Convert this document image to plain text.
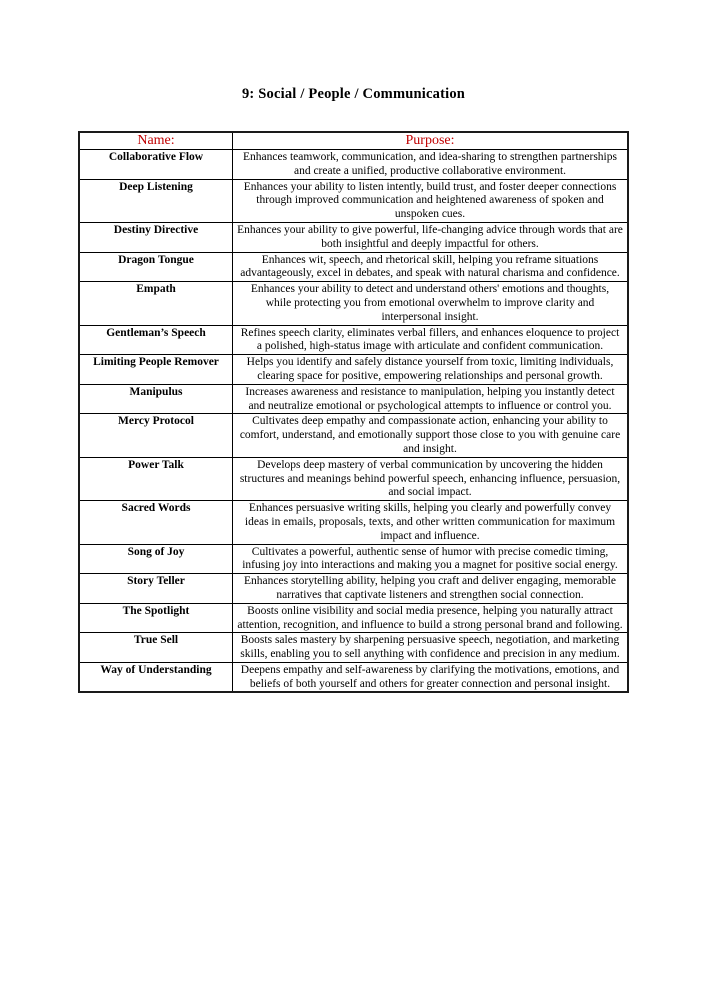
9: Social / People / Communication
Name:	Purpose:
Collaborative Flow	Enhances teamwork, communication, and idea-sharing to strengthen partnerships and create a unified, productive collaborative environment.
Deep Listening	Enhances your ability to listen intently, build trust, and foster deeper connections through improved communication and heightened awareness of spoken and unspoken cues.
Destiny Directive	Enhances your ability to give powerful, life-changing advice through words that are both insightful and deeply impactful for others.
Dragon Tongue	Enhances wit, speech, and rhetorical skill, helping you reframe situations advantageously, excel in debates, and speak with natural charisma and confidence.
Empath	Enhances your ability to detect and understand others' emotions and thoughts, while protecting you from emotional overwhelm to improve clarity and interpersonal insight.
Gentleman’s Speech	Refines speech clarity, eliminates verbal fillers, and enhances eloquence to project a polished, high-status image with articulate and confident communication.
Limiting People Remover	Helps you identify and safely distance yourself from toxic, limiting individuals, clearing space for positive, empowering relationships and personal growth.
Manipulus	Increases awareness and resistance to manipulation, helping you instantly detect and neutralize emotional or psychological attempts to influence or control you.
Mercy Protocol	Cultivates deep empathy and compassionate action, enhancing your ability to comfort, understand, and emotionally support those close to you with genuine care and insight.
Power Talk	Develops deep mastery of verbal communication by uncovering the hidden structures and meanings behind powerful speech, enhancing influence, persuasion, and social impact.
Sacred Words	Enhances persuasive writing skills, helping you clearly and powerfully convey ideas in emails, proposals, texts, and other written communication for maximum impact and influence.
Song of Joy	Cultivates a powerful, authentic sense of humor with precise comedic timing, infusing joy into interactions and making you a magnet for positive social energy.
Story Teller	Enhances storytelling ability, helping you craft and deliver engaging, memorable narratives that captivate listeners and strengthen social connection.
The Spotlight	Boosts online visibility and social media presence, helping you naturally attract attention, recognition, and influence to build a strong personal brand and following.
True Sell	Boosts sales mastery by sharpening persuasive speech, negotiation, and marketing skills, enabling you to sell anything with confidence and precision in any medium.
Way of Understanding	Deepens empathy and self-awareness by clarifying the motivations, emotions, and beliefs of both yourself and others for greater connection and personal insight.
